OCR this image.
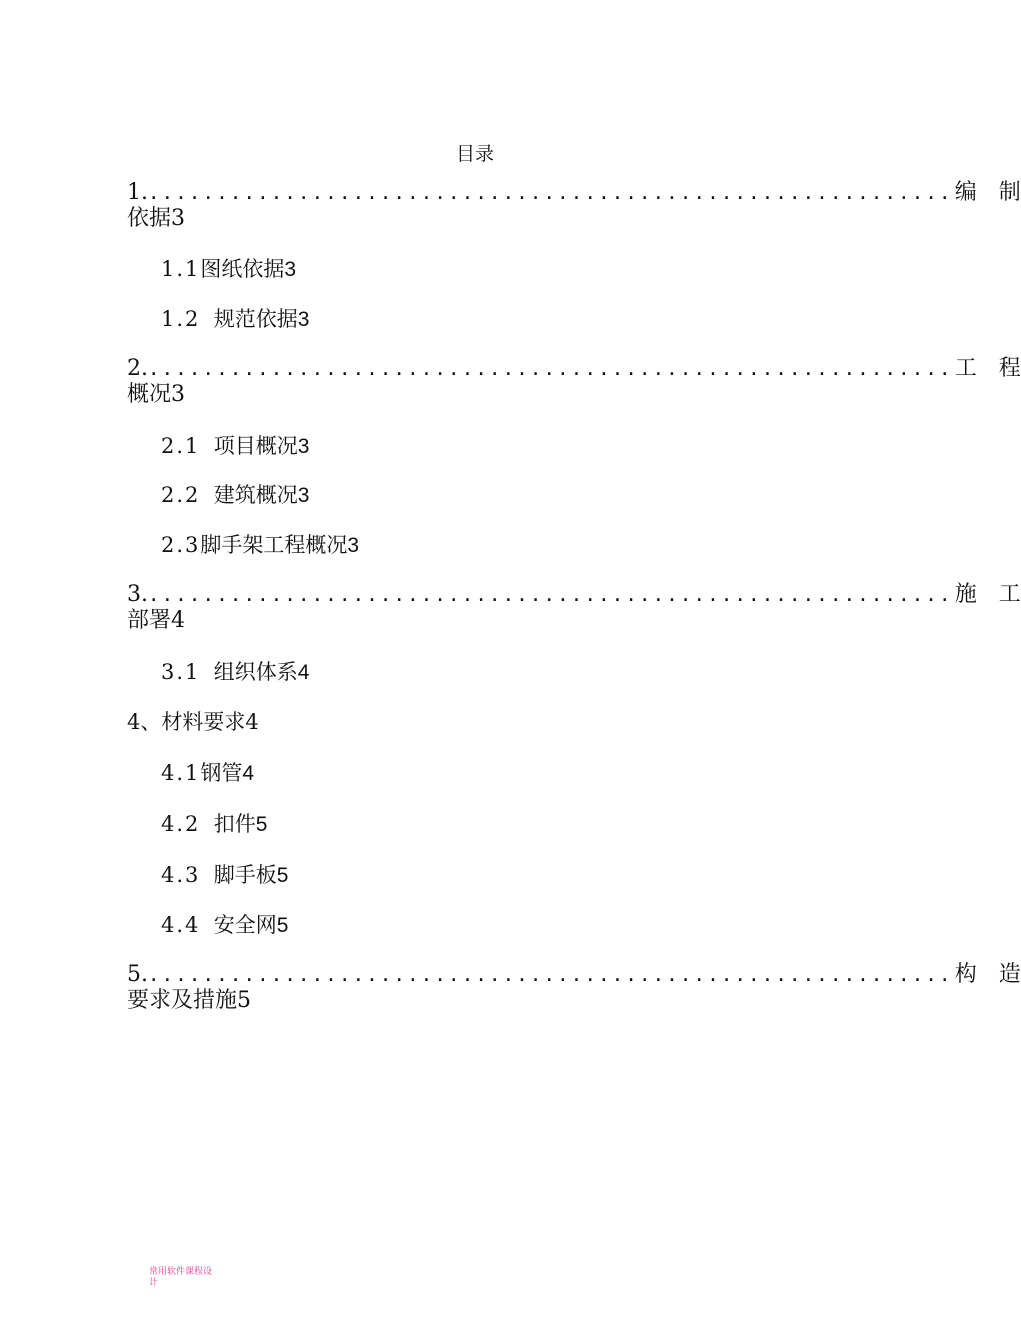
目录
1. ........................................................... 编 制
依据3
1.1图纸依据3
1.2 规范依据3
2. ........................................................... 工 程
概况3
2.1 项目概况3
2.2 建筑概况3
2.3脚手架工程概况3
3. ........................................................... 施 工
部署4
3.1 组织体系4
4、材料要求4
4.1钢管4
4.2 扣件5
4.3 脚手板5
4.4 安全网5
5. ........................................................... 构 造
要求及措施5
常用软件课程设
计
